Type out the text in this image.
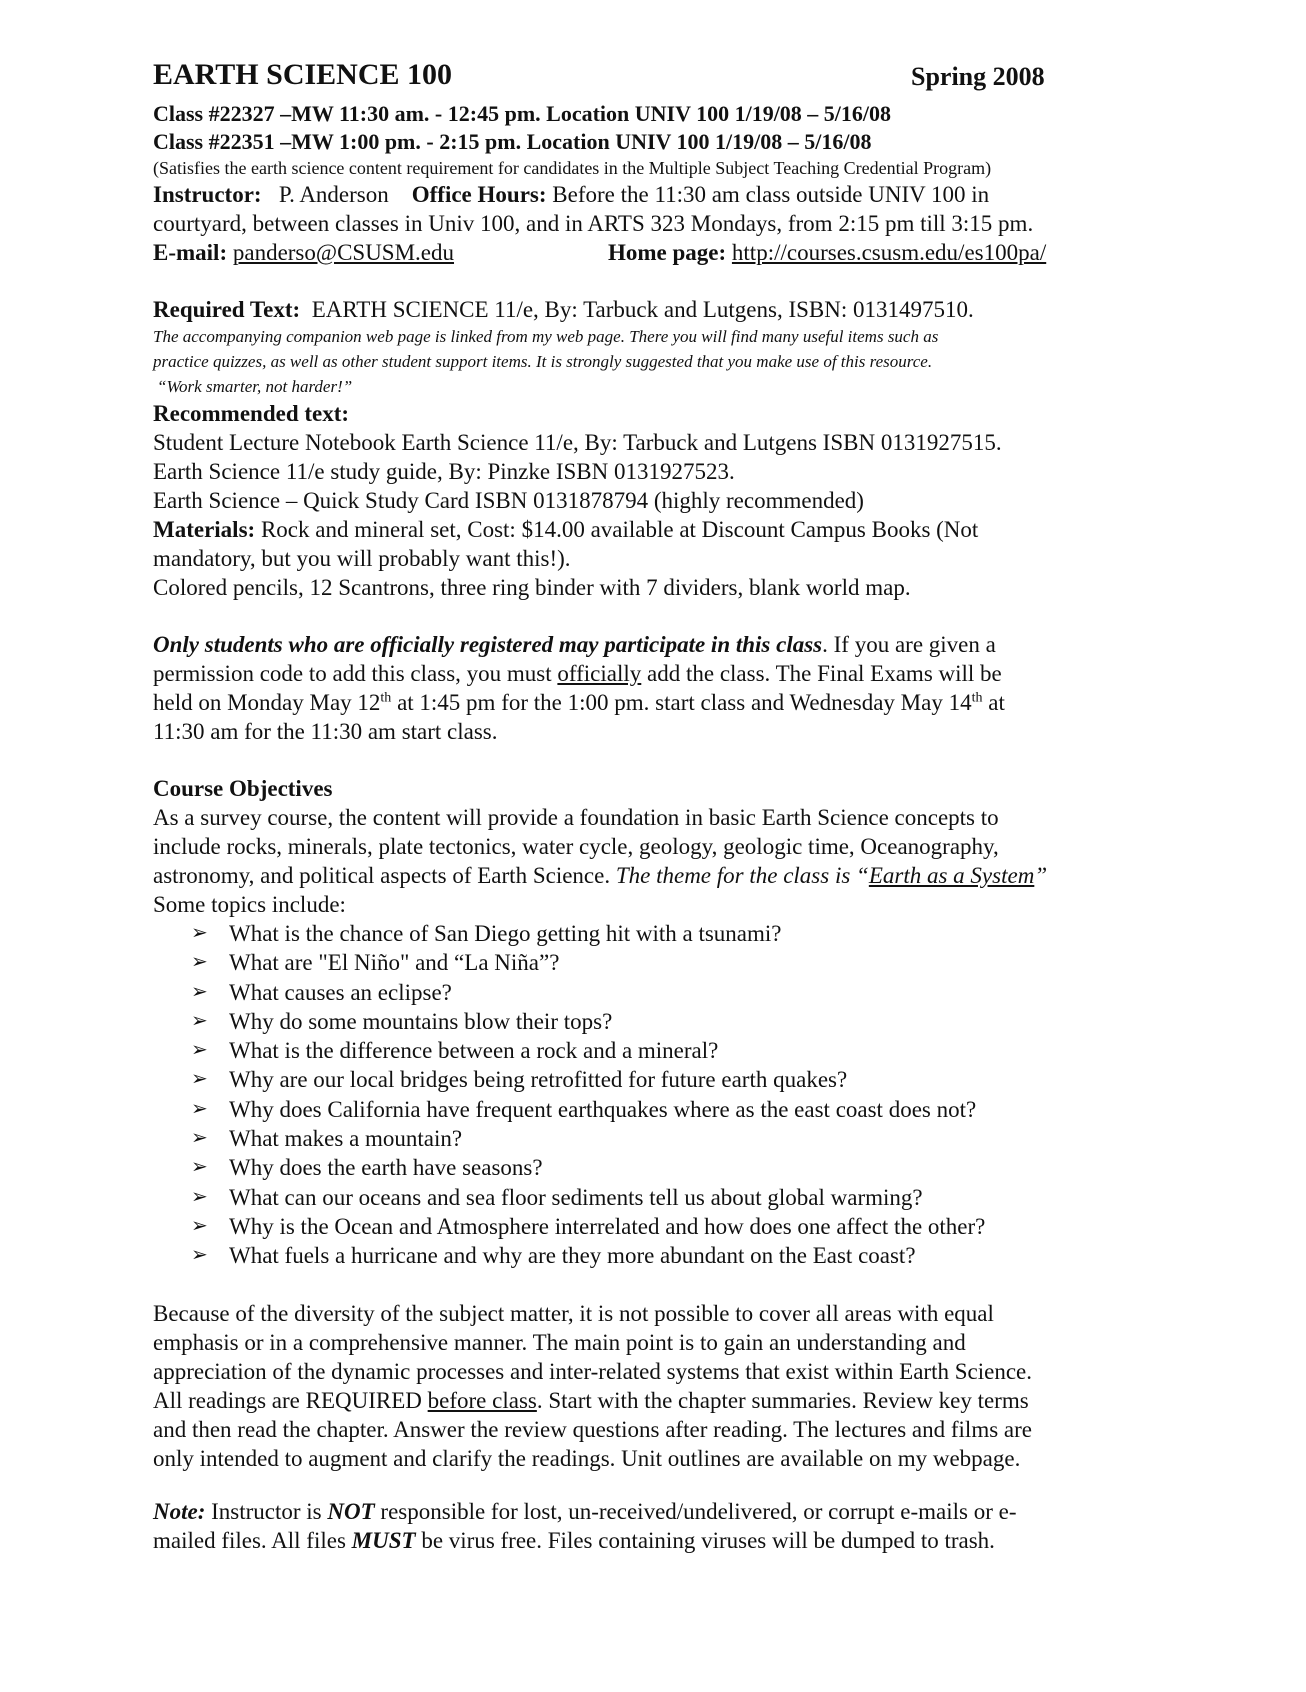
EARTH SCIENCE 100	Spring 2008
Class #22327 –MW 11:30 am. - 12:45 pm. Location UNIV 100 1/19/08 – 5/16/08
Class #22351 –MW 1:00 pm. - 2:15 pm. Location UNIV 100 1/19/08 – 5/16/08
(Satisfies the earth science content requirement for candidates in the Multiple Subject Teaching Credential Program)
Instructor: P. Anderson Office Hours: Before the 11:30 am class outside UNIV 100 in
courtyard, between classes in Univ 100, and in ARTS 323 Mondays, from 2:15 pm till 3:15 pm.
E-mail: panderso@CSUSM.edu	Home page: http://courses.csusm.edu/es100pa/
Required Text: EARTH SCIENCE 11/e, By: Tarbuck and Lutgens, ISBN: 0131497510.
The accompanying companion web page is linked from my web page. There you will find many useful items such as
practice quizzes, as well as other student support items. It is strongly suggested that you make use of this resource.
“Work smarter, not harder!”
Recommended text:
Student Lecture Notebook Earth Science 11/e, By: Tarbuck and Lutgens ISBN 0131927515.
Earth Science 11/e study guide, By: Pinzke ISBN 0131927523.
Earth Science – Quick Study Card ISBN 0131878794 (highly recommended)
Materials: Rock and mineral set, Cost: $14.00 available at Discount Campus Books (Not
mandatory, but you will probably want this!).
Colored pencils, 12 Scantrons, three ring binder with 7 dividers, blank world map.
Only students who are officially registered may participate in this class. If you are given a
permission code to add this class, you must officially add the class. The Final Exams will be
held on Monday May 12th at 1:45 pm for the 1:00 pm. start class and Wednesday May 14th at
11:30 am for the 11:30 am start class.
Course Objectives
As a survey course, the content will provide a foundation in basic Earth Science concepts to
include rocks, minerals, plate tectonics, water cycle, geology, geologic time, Oceanography,
astronomy, and political aspects of Earth Science. The theme for the class is “Earth as a System”
Some topics include:
➢ What is the chance of San Diego getting hit with a tsunami?
➢ What are "El Niño" and “La Niña”?
➢ What causes an eclipse?
➢ Why do some mountains blow their tops?
➢ What is the difference between a rock and a mineral?
➢ Why are our local bridges being retrofitted for future earth quakes?
➢ Why does California have frequent earthquakes where as the east coast does not?
➢ What makes a mountain?
➢ Why does the earth have seasons?
➢ What can our oceans and sea floor sediments tell us about global warming?
➢ Why is the Ocean and Atmosphere interrelated and how does one affect the other?
➢ What fuels a hurricane and why are they more abundant on the East coast?
Because of the diversity of the subject matter, it is not possible to cover all areas with equal
emphasis or in a comprehensive manner. The main point is to gain an understanding and
appreciation of the dynamic processes and inter-related systems that exist within Earth Science.
All readings are REQUIRED before class. Start with the chapter summaries. Review key terms
and then read the chapter. Answer the review questions after reading. The lectures and films are
only intended to augment and clarify the readings. Unit outlines are available on my webpage.
Note: Instructor is NOT responsible for lost, un-received/undelivered, or corrupt e-mails or e-
mailed files. All files MUST be virus free. Files containing viruses will be dumped to trash.
